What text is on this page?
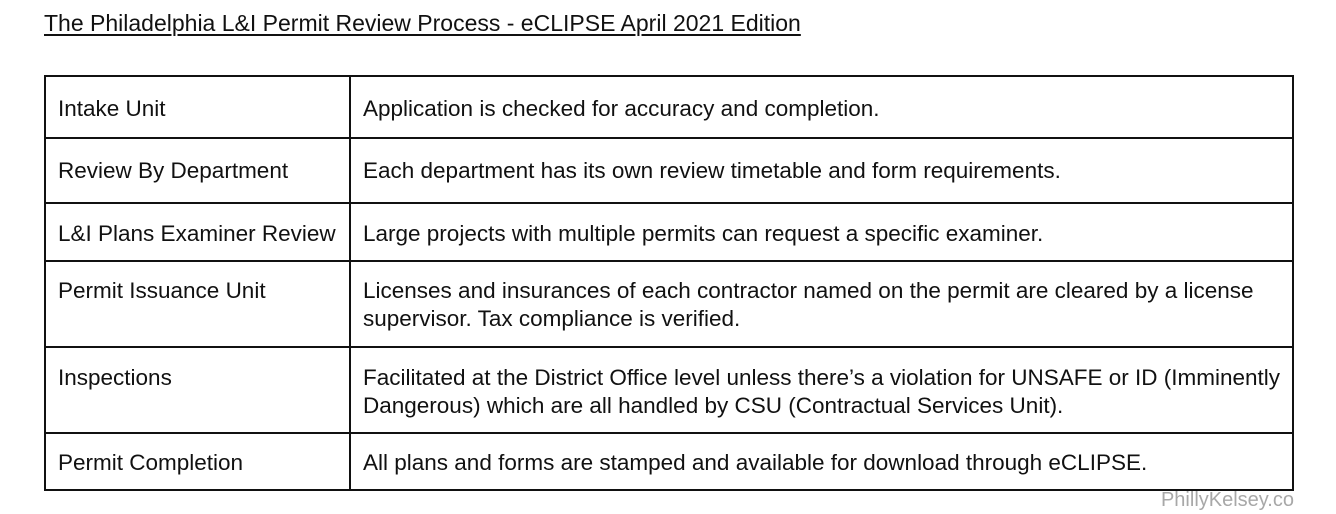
The Philadelphia L&I Permit Review Process - eCLIPSE April 2021 Edition
Intake Unit	Application is checked for accuracy and completion.
Review By Department	Each department has its own review timetable and form requirements.
L&I Plans Examiner Review	Large projects with multiple permits can request a specific examiner.
Permit Issuance Unit	Licenses and insurances of each contractor named on the permit are cleared by a license supervisor. Tax compliance is verified.
Inspections	Facilitated at the District Office level unless there’s a violation for UNSAFE or ID (Imminently Dangerous) which are all handled by CSU (Contractual Services Unit).
Permit Completion	All plans and forms are stamped and available for download through eCLIPSE.
PhillyKelsey.co
